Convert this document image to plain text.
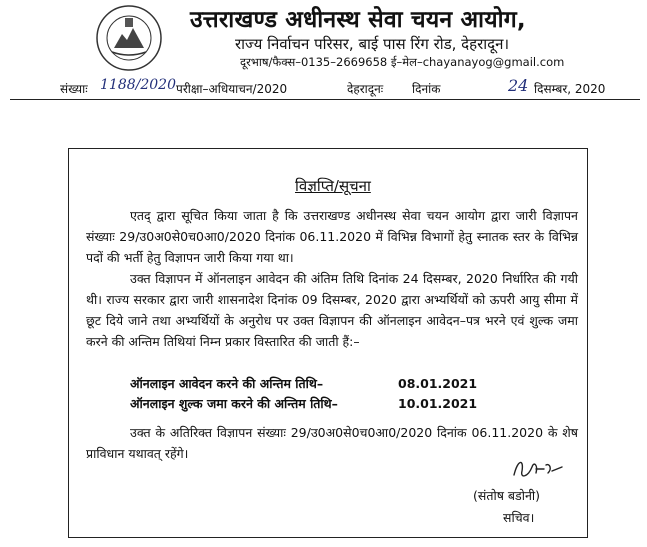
उत्तराखण्ड अधीनस्थ सेवा चयन आयोग,
राज्य निर्वाचन परिसर, बाई पास रिंग रोड, देहरादून।
दूरभाष/फैक्स–0135–2669658 ई–मेल–chayanayog@gmail.com
संख्याः 1188/2020 परीक्षा–अधियाचन/2020	देहरादूनः दिनांक	24 दिसम्बर, 2020
विज्ञप्ति/सूचना
एतद् द्वारा सूचित किया जाता है कि उत्तराखण्ड अधीनस्थ सेवा चयन आयोग द्वारा जारी विज्ञापन संख्याः 29/उ0अ0से0च0आ0/2020 दिनांक 06.11.2020 में विभिन्न विभागों हेतु स्नातक स्तर के विभिन्न पदों की भर्ती हेतु विज्ञापन जारी किया गया था।
उक्त विज्ञापन में ऑनलाइन आवेदन की अंतिम तिथि दिनांक 24 दिसम्बर, 2020 निर्धारित की गयी थी। राज्य सरकार द्वारा जारी शासनादेश दिनांक 09 दिसम्बर, 2020 द्वारा अभ्यर्थियों को ऊपरी आयु सीमा में छूट दिये जाने तथा अभ्यर्थियों के अनुरोध पर उक्त विज्ञापन की ऑनलाइन आवेदन–पत्र भरने एवं शुल्क जमा करने की अन्तिम तिथियां निम्न प्रकार विस्तारित की जाती हैं:–
ऑनलाइन आवेदन करने की अन्तिम तिथि–	08.01.2021
ऑनलाइन शुल्क जमा करने की अन्तिम तिथि–	10.01.2021
उक्त के अतिरिक्त विज्ञापन संख्याः 29/उ0अ0से0च0आ0/2020 दिनांक 06.11.2020 के शेष प्राविधान यथावत् रहेंगे।
(संतोष बडोनी)
सचिव।
